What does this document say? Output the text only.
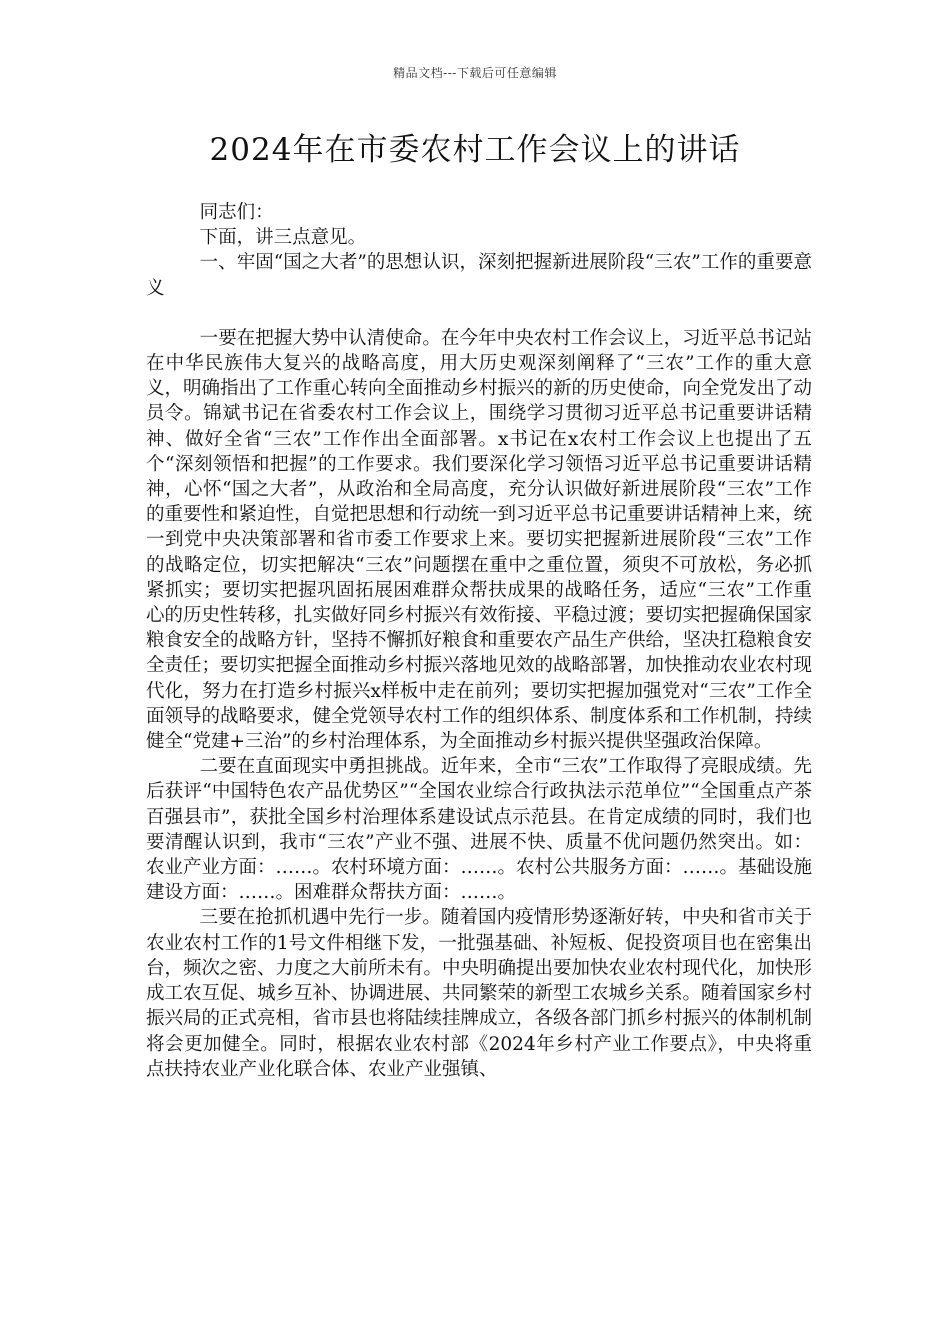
精品文档---下载后可任意编辑
2024年在市委农村工作会议上的讲话

同志们：

下面，讲三点意见。

一、牢固“国之大者”的思想认识，深刻把握新进展阶段“三农”工作的重要意义

一要在把握大势中认清使命。在今年中央农村工作会议上，习近平总书记站在中华民族伟大复兴的战略高度，用大历史观深刻阐释了“三农”工作的重大意义，明确指出了工作重心转向全面推动乡村振兴的新的历史使命，向全党发出了动员令。锦斌书记在省委农村工作会议上，围绕学习贯彻习近平总书记重要讲话精神、做好全省“三农”工作作出全面部署。x书记在x农村工作会议上也提出了五个“深刻领悟和把握”的工作要求。我们要深化学习领悟习近平总书记重要讲话精神，心怀“国之大者”，从政治和全局高度，充分认识做好新进展阶段“三农”工作的重要性和紧迫性，自觉把思想和行动统一到习近平总书记重要讲话精神上来，统一到党中央决策部署和省市委工作要求上来。要切实把握新进展阶段“三农”工作的战略定位，切实把解决“三农”问题摆在重中之重位置，须臾不可放松，务必抓紧抓实；要切实把握巩固拓展困难群众帮扶成果的战略任务，适应“三农”工作重心的历史性转移，扎实做好同乡村振兴有效衔接、平稳过渡；要切实把握确保国家粮食安全的战略方针，坚持不懈抓好粮食和重要农产品生产供给，坚决扛稳粮食安全责任；要切实把握全面推动乡村振兴落地见效的战略部署，加快推动农业农村现代化，努力在打造乡村振兴x样板中走在前列；要切实把握加强党对“三农”工作全面领导的战略要求，健全党领导农村工作的组织体系、制度体系和工作机制，持续健全“党建+三治”的乡村治理体系，为全面推动乡村振兴提供坚强政治保障。

二要在直面现实中勇担挑战。近年来，全市“三农”工作取得了亮眼成绩。先后获评“中国特色农产品优势区”“全国农业综合行政执法示范单位”“全国重点产茶百强县市”，获批全国乡村治理体系建设试点示范县。在肯定成绩的同时，我们也要清醒认识到，我市“三农”产业不强、进展不快、质量不优问题仍然突出。如：农业产业方面：……。农村环境方面：……。农村公共服务方面：……。基础设施建设方面：……。困难群众帮扶方面：……。

三要在抢抓机遇中先行一步。随着国内疫情形势逐渐好转，中央和省市关于农业农村工作的1号文件相继下发，一批强基础、补短板、促投资项目也在密集出台，频次之密、力度之大前所未有。中央明确提出要加快农业农村现代化，加快形成工农互促、城乡互补、协调进展、共同繁荣的新型工农城乡关系。随着国家乡村振兴局的正式亮相，省市县也将陆续挂牌成立，各级各部门抓乡村振兴的体制机制将会更加健全。同时，根据农业农村部《2024年乡村产业工作要点》，中央将重点扶持农业产业化联合体、农业产业强镇、
